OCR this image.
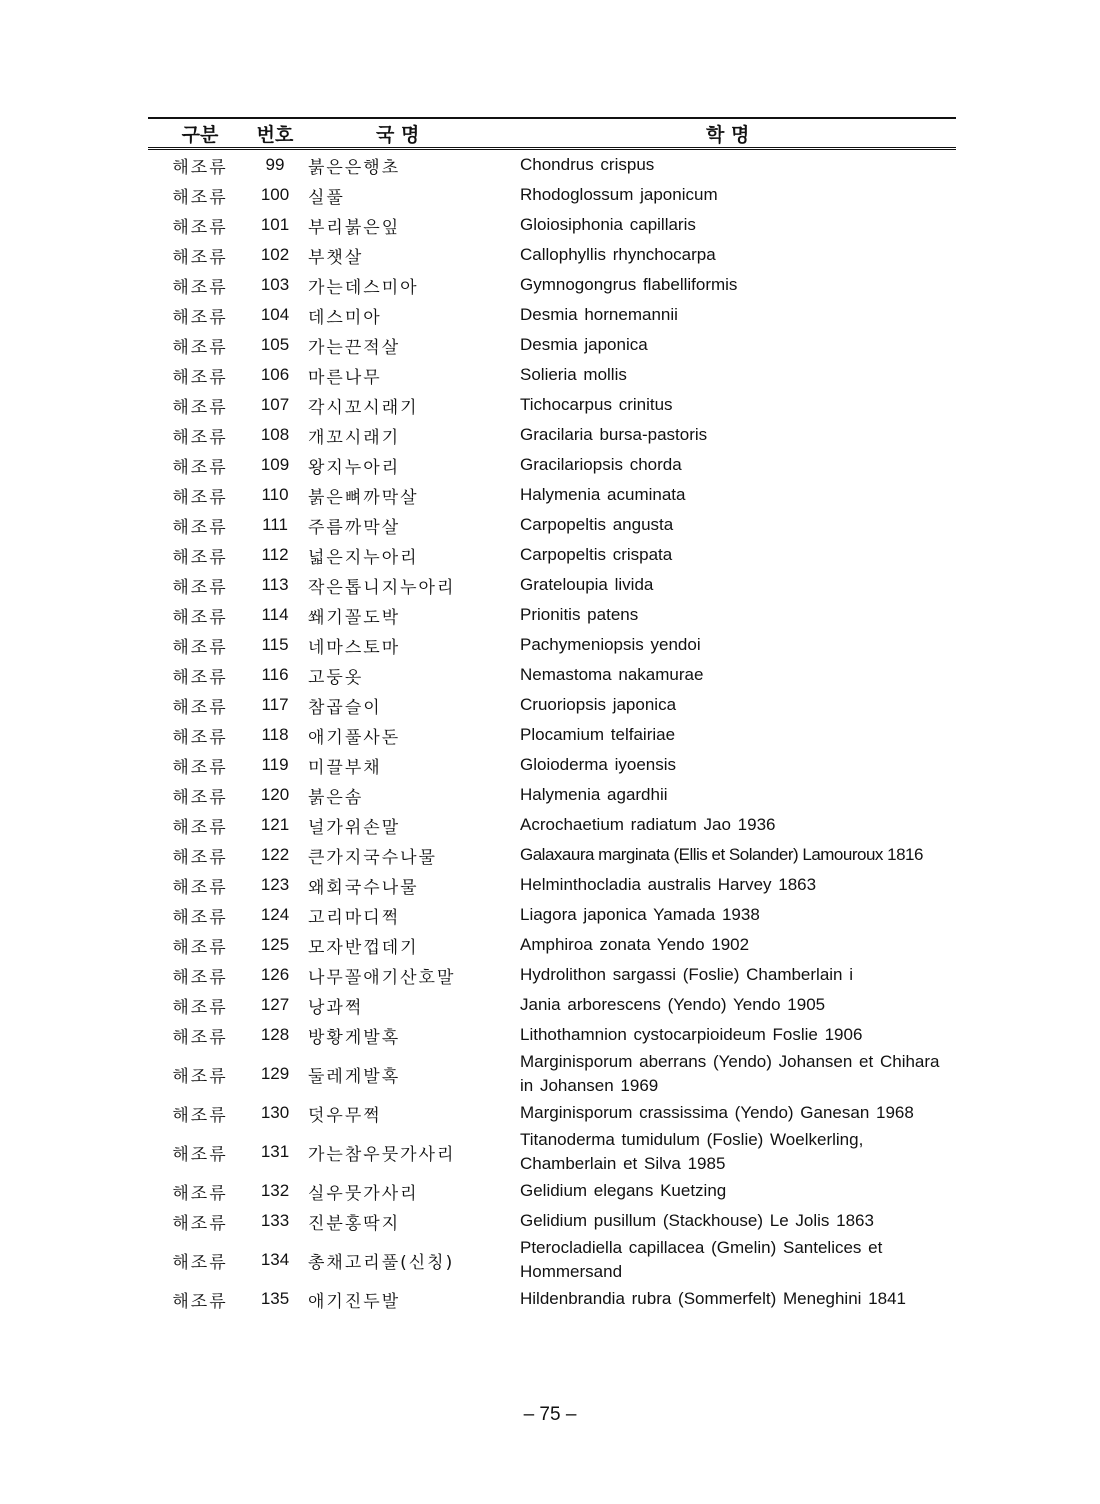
구분	번호	국 명	학 명
해조류	99	붉은은행초	Chondrus crispus
해조류	100	실풀	Rhodoglossum japonicum
해조류	101	부리붉은잎	Gloiosiphonia capillaris
해조류	102	부챗살	Callophyllis rhynchocarpa
해조류	103	가는데스미아	Gymnogongrus flabelliformis
해조류	104	데스미아	Desmia hornemannii
해조류	105	가는끈적살	Desmia japonica
해조류	106	마른나무	Solieria mollis
해조류	107	각시꼬시래기	Tichocarpus crinitus
해조류	108	개꼬시래기	Gracilaria bursa-pastoris
해조류	109	왕지누아리	Gracilariopsis chorda
해조류	110	붉은뼈까막살	Halymenia acuminata
해조류	111	주름까막살	Carpopeltis angusta
해조류	112	넓은지누아리	Carpopeltis crispata
해조류	113	작은톱니지누아리	Grateloupia livida
해조류	114	쐐기꼴도박	Prionitis patens
해조류	115	네마스토마	Pachymeniopsis yendoi
해조류	116	고둥옷	Nemastoma nakamurae
해조류	117	참곱슬이	Cruoriopsis japonica
해조류	118	애기풀사돈	Plocamium telfairiae
해조류	119	미끌부채	Gloioderma iyoensis
해조류	120	붉은솜	Halymenia agardhii
해조류	121	널가위손말	Acrochaetium radiatum Jao 1936
해조류	122	큰가지국수나물	Galaxaura marginata (Ellis et Solander) Lamouroux 1816
해조류	123	왜회국수나물	Helminthocladia australis Harvey 1863
해조류	124	고리마디쩍	Liagora japonica Yamada 1938
해조류	125	모자반껍데기	Amphiroa zonata Yendo 1902
해조류	126	나무꼴애기산호말	Hydrolithon sargassi (Foslie) Chamberlain i
해조류	127	낭과쩍	Jania arborescens (Yendo) Yendo 1905
해조류	128	방황게발혹	Lithothamnion cystocarpioideum Foslie 1906
해조류	129	둘레게발혹	Marginisporum aberrans (Yendo) Johansen et Chihara in Johansen 1969
해조류	130	덧우무쩍	Marginisporum crassissima (Yendo) Ganesan 1968
해조류	131	가는참우뭇가사리	Titanoderma tumidulum (Foslie) Woelkerling, Chamberlain et Silva 1985
해조류	132	실우뭇가사리	Gelidium elegans Kuetzing
해조류	133	진분홍딱지	Gelidium pusillum (Stackhouse) Le Jolis 1863
해조류	134	총채고리풀(신칭)	Pterocladiella capillacea (Gmelin) Santelices et Hommersand
해조류	135	애기진두발	Hildenbrandia rubra (Sommerfelt) Meneghini 1841
– 75 –
